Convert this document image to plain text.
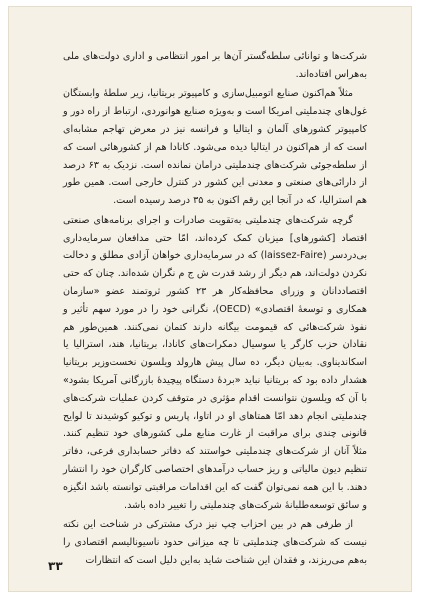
شرکت‌ها و توانائی سلطه‌گستر آن‌ها بر امور انتظامی و اداری دولت‌های ملی به‌هراس افتاده‌اند.

مثلاً هم‌اکنون صنایع اتومبیل‌سازی و کامپیوتر بریتانیا، زیر سلطهٔ وابستگان غول‌های چندملیتی امریکا است و به‌ویژه صنایع هوانوردی، ارتباط از راه دور و کامپیوتر کشورهای آلمان و ایتالیا و فرانسه نیز در معرض تهاجم مشابه‌ای است که از هم‌اکنون در ایتالیا دیده می‌شود. کانادا هم از کشورهائی است که از سلطه‌جوئی شرکت‌های چندملیتی درامان نمانده است. نزدیک به ۶۳ درصد از دارائی‌های صنعتی و معدنی این کشور در کنترل خارجی است. همین طور هم استرالیا، که در آنجا این رقم اکنون به ۳۵ درصد رسیده است.

گرچه شرکت‌های چندملیتی به‌تقویت صادرات و اجرای برنامه‌های صنعتی اقتصاد [کشورهای] میزبان کمک کرده‌اند، امّا حتی مدافعان سرمایه‌داری بی‌دردسر (laissez-Faire) که در سرمایه‌داری خواهان آزادی مطلق و دخالت نکردن دولت‌اند، هم دیگر از رشد قدرت ش ج م نگران شده‌اند. چنان که حتی اقتصاددانان و وزرای محافظه‌کار هر ۲۳ کشور ثروتمند عضو «سازمان همکاری و توسعهٔ اقتصادی» (OECD)، نگرانی خود را در مورد سهم تأثیر و نفوذ شرکت‌هائی که قیمومت بیگانه دارند کتمان نمی‌کنند. همین‌طور هم نقادان حزب کارگر یا سوسیال دمکرات‌های کانادا، بریتانیا، هند، استرالیا یا اسکاندیناوی. به‌بیان دیگر، ده سال پیش هارولد ویلسون نخست‌وزیر بریتانیا هشدار داده بود که بریتانیا نباید «بردهٔ دستگاه پیچیدهٔ بازرگانی آمریکا بشود» با آن که ویلسون نتوانست اقدام مؤثری در متوقف کردن عملیات شرکت‌های چندملیتی انجام دهد امّا همتاهای او در اتاوا، پاریس و توکیو کوشیدند تا لوایح قانونی چندی برای مراقبت از غارت منابع ملی کشورهای خود تنظیم کنند. مثلاً آنان از شرکت‌های چندملیتی خواستند که دفاتر حسابداری فرعی، دفاتر تنظیم دیون مالیاتی و ریز حساب درآمدهای اختصاصی کارگران خود را انتشار دهند. با این همه نمی‌توان گفت که این اقدامات مراقبتی توانسته باشد انگیزه و سائق توسعه‌طلبانهٔ شرکت‌های چندملیتی را تغییر داده باشد.

از طرفی هم در بین احزاب چپ نیز درک مشترکی در شناخت این نکته نیست که شرکت‌های چندملیتی تا چه میزانی حدود ناسیونالیسم اقتصادی را به‌هم می‌ریزند، و فقدان این شناخت شاید به‌این دلیل است که انتظارات

۳۳
